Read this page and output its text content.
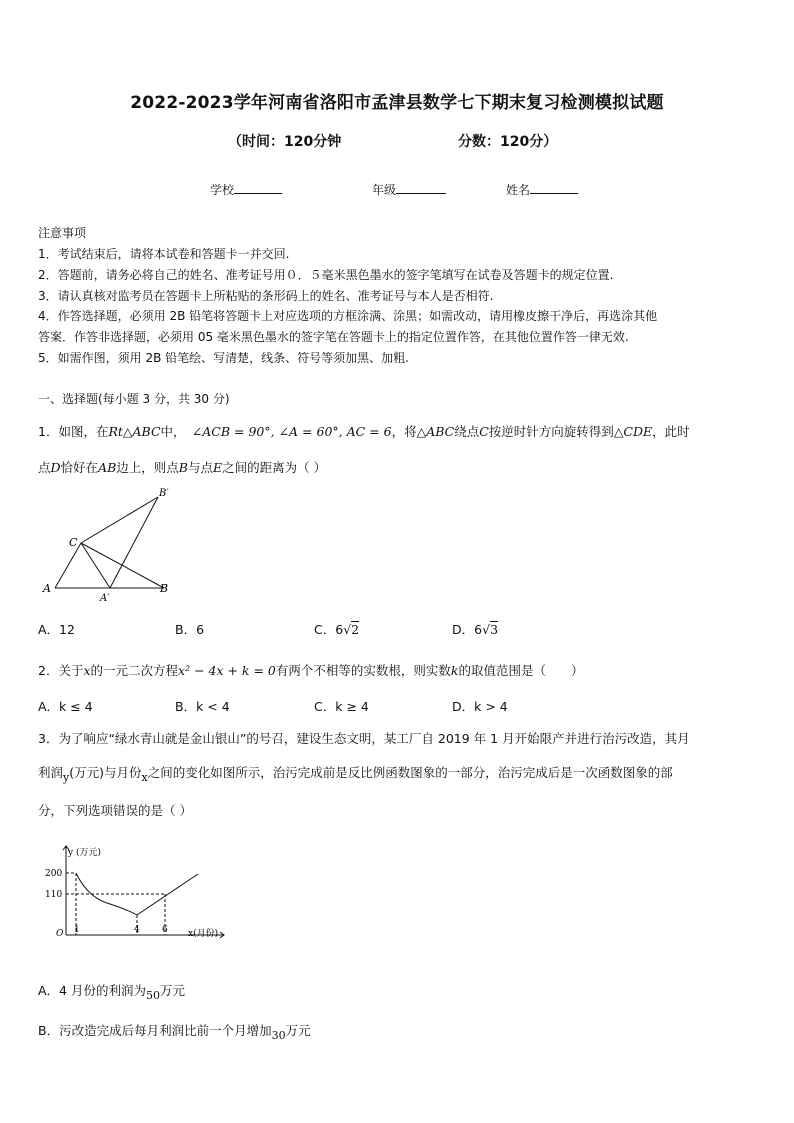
2022-2023学年河南省洛阳市孟津县数学七下期末复习检测模拟试题
（时间：120分钟	分数：120分）
学校	年级	姓名
注意事项
1．考试结束后，请将本试卷和答题卡一并交回.
2．答题前，请务必将自己的姓名、准考证号用０．５毫米黑色墨水的签字笔填写在试卷及答题卡的规定位置.
3．请认真核对监考员在答题卡上所粘贴的条形码上的姓名、准考证号与本人是否相符.
4．作答选择题，必须用 2B 铅笔将答题卡上对应选项的方框涂满、涂黑；如需改动，请用橡皮擦干净后，再选涂其他
答案．作答非选择题，必须用 05 毫米黑色墨水的签字笔在答题卡上的指定位置作答，在其他位置作答一律无效.
5．如需作图，须用 2B 铅笔绘、写清楚，线条、符号等须加黑、加粗.
一、选择题(每小题 3 分，共 30 分)
1．如图，在Rt△ABC中，　 ∠ACB = 90°, ∠A = 60°, AC = 6，将△ABC绕点C按逆时针方向旋转得到△CDE，此时
点D恰好在AB边上，则点B与点E之间的距离为（ ）
B′
C
A
A′
B
A．12	B．6	C．6√2	D．6√3
2．关于x的一元二次方程x² − 4x + k = 0有两个不相等的实数根，则实数k的取值范围是（　　）
A．k ≤ 4	B．k < 4	C．k ≥ 4	D．k > 4
3．为了响应“绿水青山就是金山银山”的号召，建设生态文明，某工厂自 2019 年 1 月开始限产并进行治污改造，其月
利润y(万元)与月份x之间的变化如图所示，治污完成前是反比例函数图象的一部分，治污完成后是一次函数图象的部
分，下列选项错误的是（ ）
y (万元)
x(月份)
O
200
110
1	4 6
A．4 月份的利润为50万元
B．污改造完成后每月利润比前一个月增加30万元
